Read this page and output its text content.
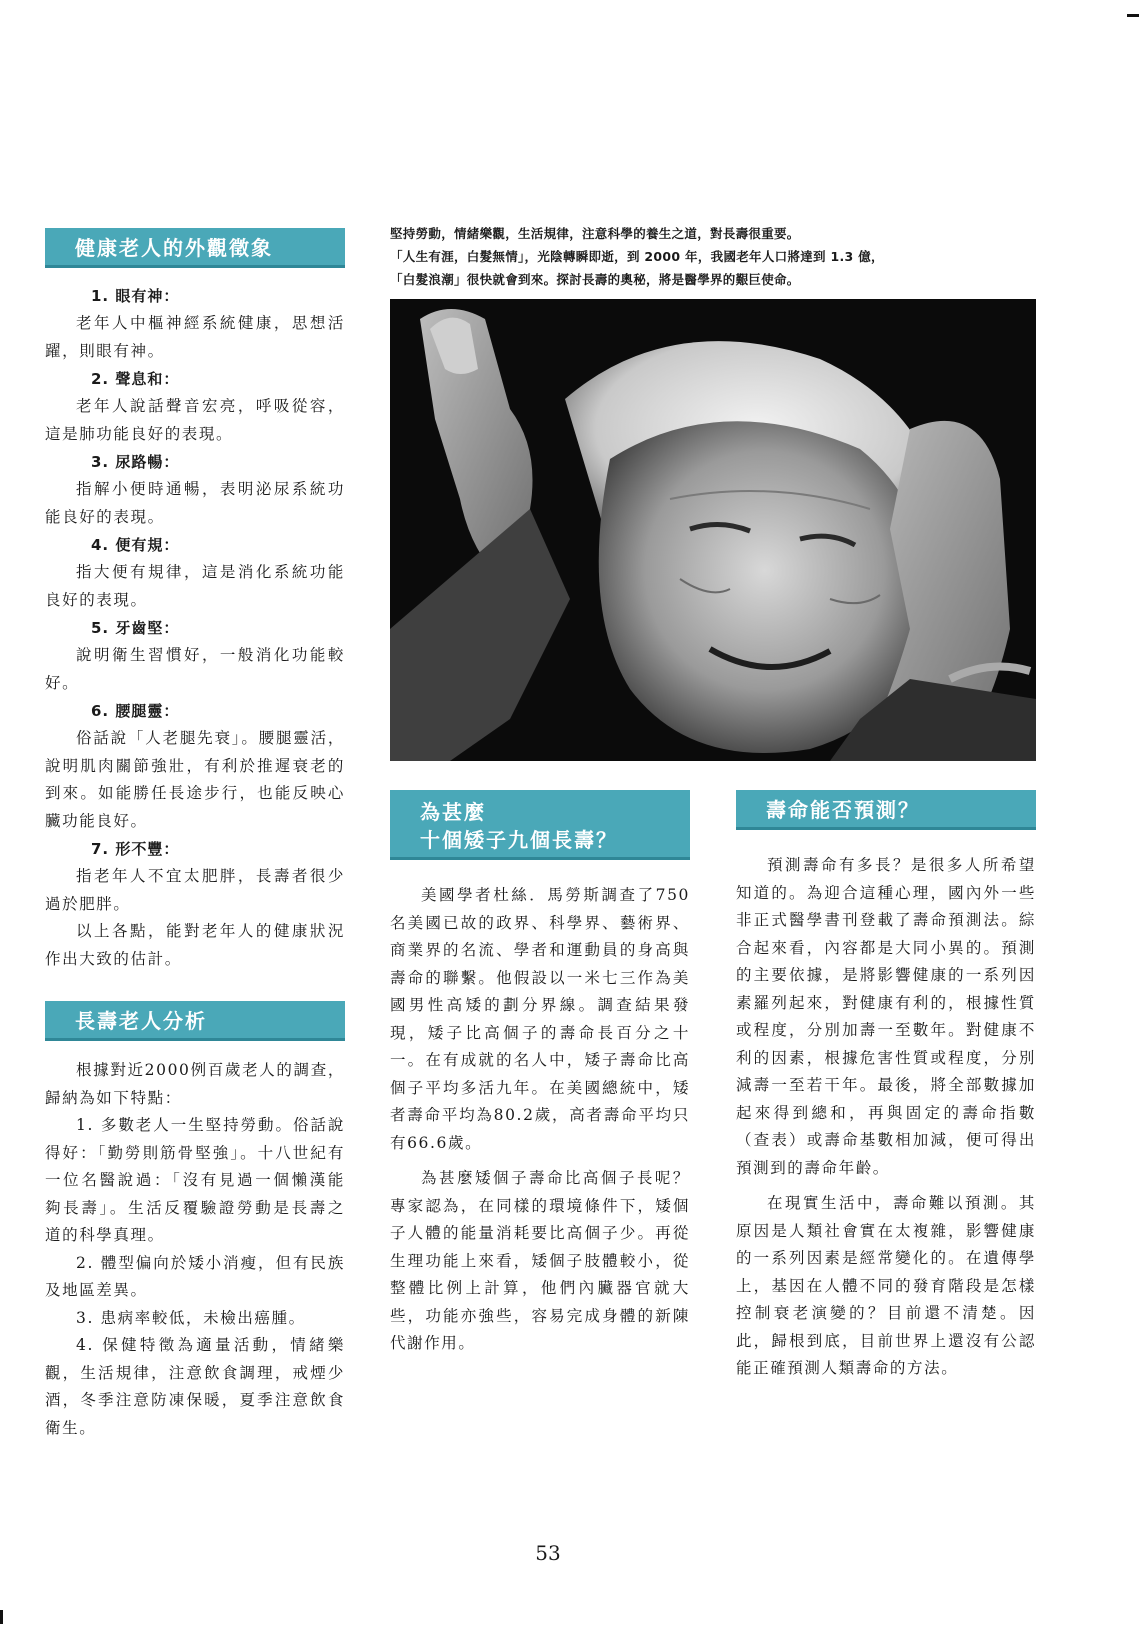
健康老人的外觀徵象

1. 眼有神：

老年人中樞神經系統健康，思想活躍，則眼有神。

2. 聲息和：

老年人說話聲音宏亮，呼吸從容，這是肺功能良好的表現。

3. 尿路暢：

指解小便時通暢，表明泌尿系統功能良好的表現。

4. 便有規：

指大便有規律，這是消化系統功能良好的表現。

5. 牙齒堅：

說明衛生習慣好，一般消化功能較好。

6. 腰腿靈：

俗話說「人老腿先衰」。腰腿靈活，說明肌肉關節強壯，有利於推遲衰老的到來。如能勝任長途步行，也能反映心臟功能良好。

7. 形不豐：

指老年人不宜太肥胖，長壽者很少過於肥胖。

以上各點，能對老年人的健康狀況作出大致的估計。

長壽老人分析

根據對近2000例百歲老人的調查，歸納為如下特點：

1. 多數老人一生堅持勞動。俗話說得好：「勤勞則筋骨堅強」。十八世紀有一位名醫說過：「沒有見過一個懶漢能夠長壽」。生活反覆驗證勞動是長壽之道的科學真理。

2. 體型偏向於矮小消瘦，但有民族及地區差異。

3. 患病率較低，未檢出癌腫。

4. 保健特徵為適量活動，情緒樂觀，生活規律，注意飲食調理，戒煙少酒，冬季注意防凍保暖，夏季注意飲食衛生。

堅持勞動，情緒樂觀，生活規律，注意科學的養生之道，對長壽很重要。
「人生有涯，白髮無情」，光陰轉瞬即逝，到 2000 年，我國老年人口將達到 1.3 億，
「白髮浪潮」很快就會到來。探討長壽的奧秘，將是醫學界的艱巨使命。
為甚麼
十個矮子九個長壽？

美國學者杜絲．馬勞斯調查了750名美國已故的政界、科學界、藝術界、商業界的名流、學者和運動員的身高與壽命的聯繫。他假設以一米七三作為美國男性高矮的劃分界線。調查結果發現，矮子比高個子的壽命長百分之十一。在有成就的名人中，矮子壽命比高個子平均多活九年。在美國總統中，矮者壽命平均為80.2歲，高者壽命平均只有66.6歲。

為甚麼矮個子壽命比高個子長呢？專家認為，在同樣的環境條件下，矮個子人體的能量消耗要比高個子少。再從生理功能上來看，矮個子肢體較小，從整體比例上計算，他們內臟器官就大些，功能亦強些，容易完成身體的新陳代謝作用。

壽命能否預測？

預測壽命有多長？是很多人所希望知道的。為迎合這種心理，國內外一些非正式醫學書刊登載了壽命預測法。綜合起來看，內容都是大同小異的。預測的主要依據，是將影響健康的一系列因素羅列起來，對健康有利的，根據性質或程度，分別加壽一至數年。對健康不利的因素，根據危害性質或程度，分別減壽一至若干年。最後，將全部數據加起來得到總和，再與固定的壽命指數（查表）或壽命基數相加減，便可得出預測到的壽命年齡。

在現實生活中，壽命難以預測。其原因是人類社會實在太複雜，影響健康的一系列因素是經常變化的。在遺傳學上，基因在人體不同的發育階段是怎樣控制衰老演變的？目前還不清楚。因此，歸根到底，目前世界上還沒有公認能正確預測人類壽命的方法。

53
